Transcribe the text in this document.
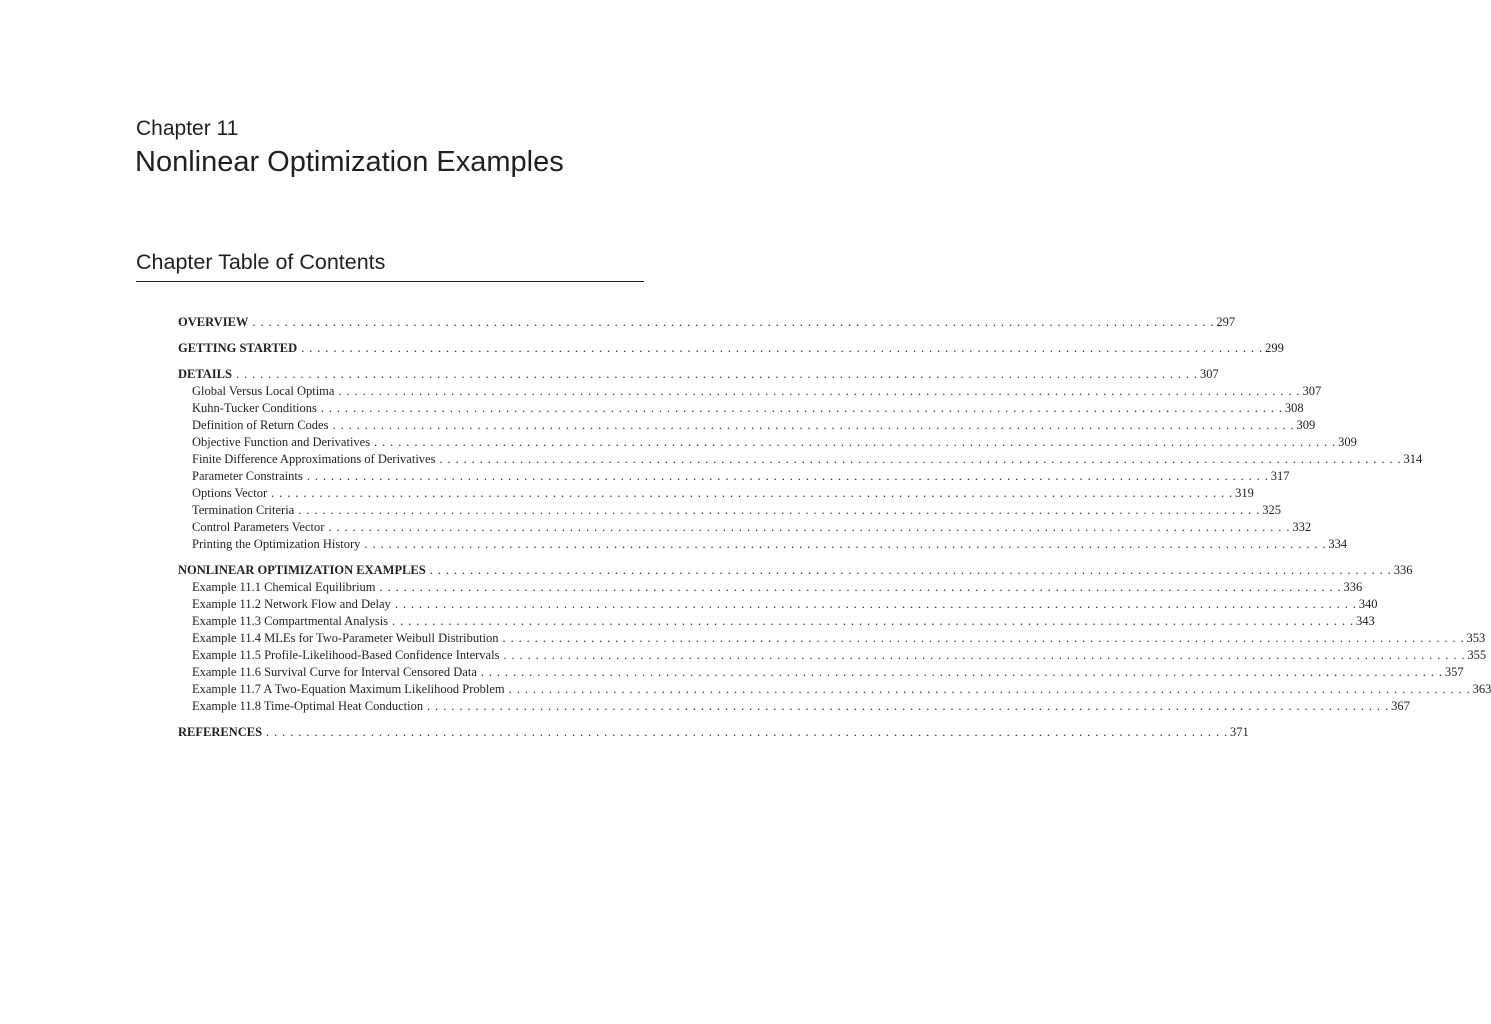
Chapter 11
Nonlinear Optimization Examples
Chapter Table of Contents
OVERVIEW . . . . . . . . . . . . . . . . . . . . . . . . . . . . . . . . . . . . . . . . . . . . . . . . . . . . . . . . . . . . . . . . . . . . . . . . . . . . . . . . . . . . . . . . . . . . . . . . . . . . . . . . . . . . . . . . . . . . . . . . 297
GETTING STARTED . . . . . . . . . . . . . . . . . . . . . . . . . . . . . . . . . . . . . . . . . . . . . . . . . . . . . . . . . . . . . . . . . . . . . . . . . . . . . . . . . . . . . . . . . . . . . . . . . . . . . . . . . . . . . . . . . . . . . . . . 299
DETAILS . . . . . . . . . . . . . . . . . . . . . . . . . . . . . . . . . . . . . . . . . . . . . . . . . . . . . . . . . . . . . . . . . . . . . . . . . . . . . . . . . . . . . . . . . . . . . . . . . . . . . . . . . . . . . . . . . . . . . . . . 307
Global Versus Local Optima . . . . . . . . . . . . . . . . . . . . . . . . . . . . . . . . . . . . . . . . . . . . . . . . . . . . . . . . . . . . . . . . . . . . . . . . . . . . . . . . . . . . . . . . . . . . . . . . . . . . . . . . . . . . . . . . . . . . . . . . 307
Kuhn-Tucker Conditions . . . . . . . . . . . . . . . . . . . . . . . . . . . . . . . . . . . . . . . . . . . . . . . . . . . . . . . . . . . . . . . . . . . . . . . . . . . . . . . . . . . . . . . . . . . . . . . . . . . . . . . . . . . . . . . . . . . . . . . . 308
Definition of Return Codes . . . . . . . . . . . . . . . . . . . . . . . . . . . . . . . . . . . . . . . . . . . . . . . . . . . . . . . . . . . . . . . . . . . . . . . . . . . . . . . . . . . . . . . . . . . . . . . . . . . . . . . . . . . . . . . . . . . . . . . . 309
Objective Function and Derivatives . . . . . . . . . . . . . . . . . . . . . . . . . . . . . . . . . . . . . . . . . . . . . . . . . . . . . . . . . . . . . . . . . . . . . . . . . . . . . . . . . . . . . . . . . . . . . . . . . . . . . . . . . . . . . . . . . . . . . . . . 309
Finite Difference Approximations of Derivatives . . . . . . . . . . . . . . . . . . . . . . . . . . . . . . . . . . . . . . . . . . . . . . . . . . . . . . . . . . . . . . . . . . . . . . . . . . . . . . . . . . . . . . . . . . . . . . . . . . . . . . . . . . . . . . . . . . . . . . . . 314
Parameter Constraints . . . . . . . . . . . . . . . . . . . . . . . . . . . . . . . . . . . . . . . . . . . . . . . . . . . . . . . . . . . . . . . . . . . . . . . . . . . . . . . . . . . . . . . . . . . . . . . . . . . . . . . . . . . . . . . . . . . . . . . . 317
Options Vector . . . . . . . . . . . . . . . . . . . . . . . . . . . . . . . . . . . . . . . . . . . . . . . . . . . . . . . . . . . . . . . . . . . . . . . . . . . . . . . . . . . . . . . . . . . . . . . . . . . . . . . . . . . . . . . . . . . . . . . . 319
Termination Criteria . . . . . . . . . . . . . . . . . . . . . . . . . . . . . . . . . . . . . . . . . . . . . . . . . . . . . . . . . . . . . . . . . . . . . . . . . . . . . . . . . . . . . . . . . . . . . . . . . . . . . . . . . . . . . . . . . . . . . . . . 325
Control Parameters Vector . . . . . . . . . . . . . . . . . . . . . . . . . . . . . . . . . . . . . . . . . . . . . . . . . . . . . . . . . . . . . . . . . . . . . . . . . . . . . . . . . . . . . . . . . . . . . . . . . . . . . . . . . . . . . . . . . . . . . . . . 332
Printing the Optimization History . . . . . . . . . . . . . . . . . . . . . . . . . . . . . . . . . . . . . . . . . . . . . . . . . . . . . . . . . . . . . . . . . . . . . . . . . . . . . . . . . . . . . . . . . . . . . . . . . . . . . . . . . . . . . . . . . . . . . . . . 334
NONLINEAR OPTIMIZATION EXAMPLES . . . . . . . . . . . . . . . . . . . . . . . . . . . . . . . . . . . . . . . . . . . . . . . . . . . . . . . . . . . . . . . . . . . . . . . . . . . . . . . . . . . . . . . . . . . . . . . . . . . . . . . . . . . . . . . . . . . . . . . . 336
Example 11.1 Chemical Equilibrium . . . . . . . . . . . . . . . . . . . . . . . . . . . . . . . . . . . . . . . . . . . . . . . . . . . . . . . . . . . . . . . . . . . . . . . . . . . . . . . . . . . . . . . . . . . . . . . . . . . . . . . . . . . . . . . . . . . . . . . . 336
Example 11.2 Network Flow and Delay . . . . . . . . . . . . . . . . . . . . . . . . . . . . . . . . . . . . . . . . . . . . . . . . . . . . . . . . . . . . . . . . . . . . . . . . . . . . . . . . . . . . . . . . . . . . . . . . . . . . . . . . . . . . . . . . . . . . . . . . 340
Example 11.3 Compartmental Analysis . . . . . . . . . . . . . . . . . . . . . . . . . . . . . . . . . . . . . . . . . . . . . . . . . . . . . . . . . . . . . . . . . . . . . . . . . . . . . . . . . . . . . . . . . . . . . . . . . . . . . . . . . . . . . . . . . . . . . . . . 343
Example 11.4 MLEs for Two-Parameter Weibull Distribution . . . . . . . . . . . . . . . . . . . . . . . . . . . . . . . . . . . . . . . . . . . . . . . . . . . . . . . . . . . . . . . . . . . . . . . . . . . . . . . . . . . . . . . . . . . . . . . . . . . . . . . . . . . . . . . . . . . . . . . . 353
Example 11.5 Profile-Likelihood-Based Confidence Intervals . . . . . . . . . . . . . . . . . . . . . . . . . . . . . . . . . . . . . . . . . . . . . . . . . . . . . . . . . . . . . . . . . . . . . . . . . . . . . . . . . . . . . . . . . . . . . . . . . . . . . . . . . . . . . . . . . . . . . . . . 355
Example 11.6 Survival Curve for Interval Censored Data . . . . . . . . . . . . . . . . . . . . . . . . . . . . . . . . . . . . . . . . . . . . . . . . . . . . . . . . . . . . . . . . . . . . . . . . . . . . . . . . . . . . . . . . . . . . . . . . . . . . . . . . . . . . . . . . . . . . . . . . 357
Example 11.7 A Two-Equation Maximum Likelihood Problem . . . . . . . . . . . . . . . . . . . . . . . . . . . . . . . . . . . . . . . . . . . . . . . . . . . . . . . . . . . . . . . . . . . . . . . . . . . . . . . . . . . . . . . . . . . . . . . . . . . . . . . . . . . . . . . . . . . . . . . . 363
Example 11.8 Time-Optimal Heat Conduction . . . . . . . . . . . . . . . . . . . . . . . . . . . . . . . . . . . . . . . . . . . . . . . . . . . . . . . . . . . . . . . . . . . . . . . . . . . . . . . . . . . . . . . . . . . . . . . . . . . . . . . . . . . . . . . . . . . . . . . . 367
REFERENCES . . . . . . . . . . . . . . . . . . . . . . . . . . . . . . . . . . . . . . . . . . . . . . . . . . . . . . . . . . . . . . . . . . . . . . . . . . . . . . . . . . . . . . . . . . . . . . . . . . . . . . . . . . . . . . . . . . . . . . . . 371
